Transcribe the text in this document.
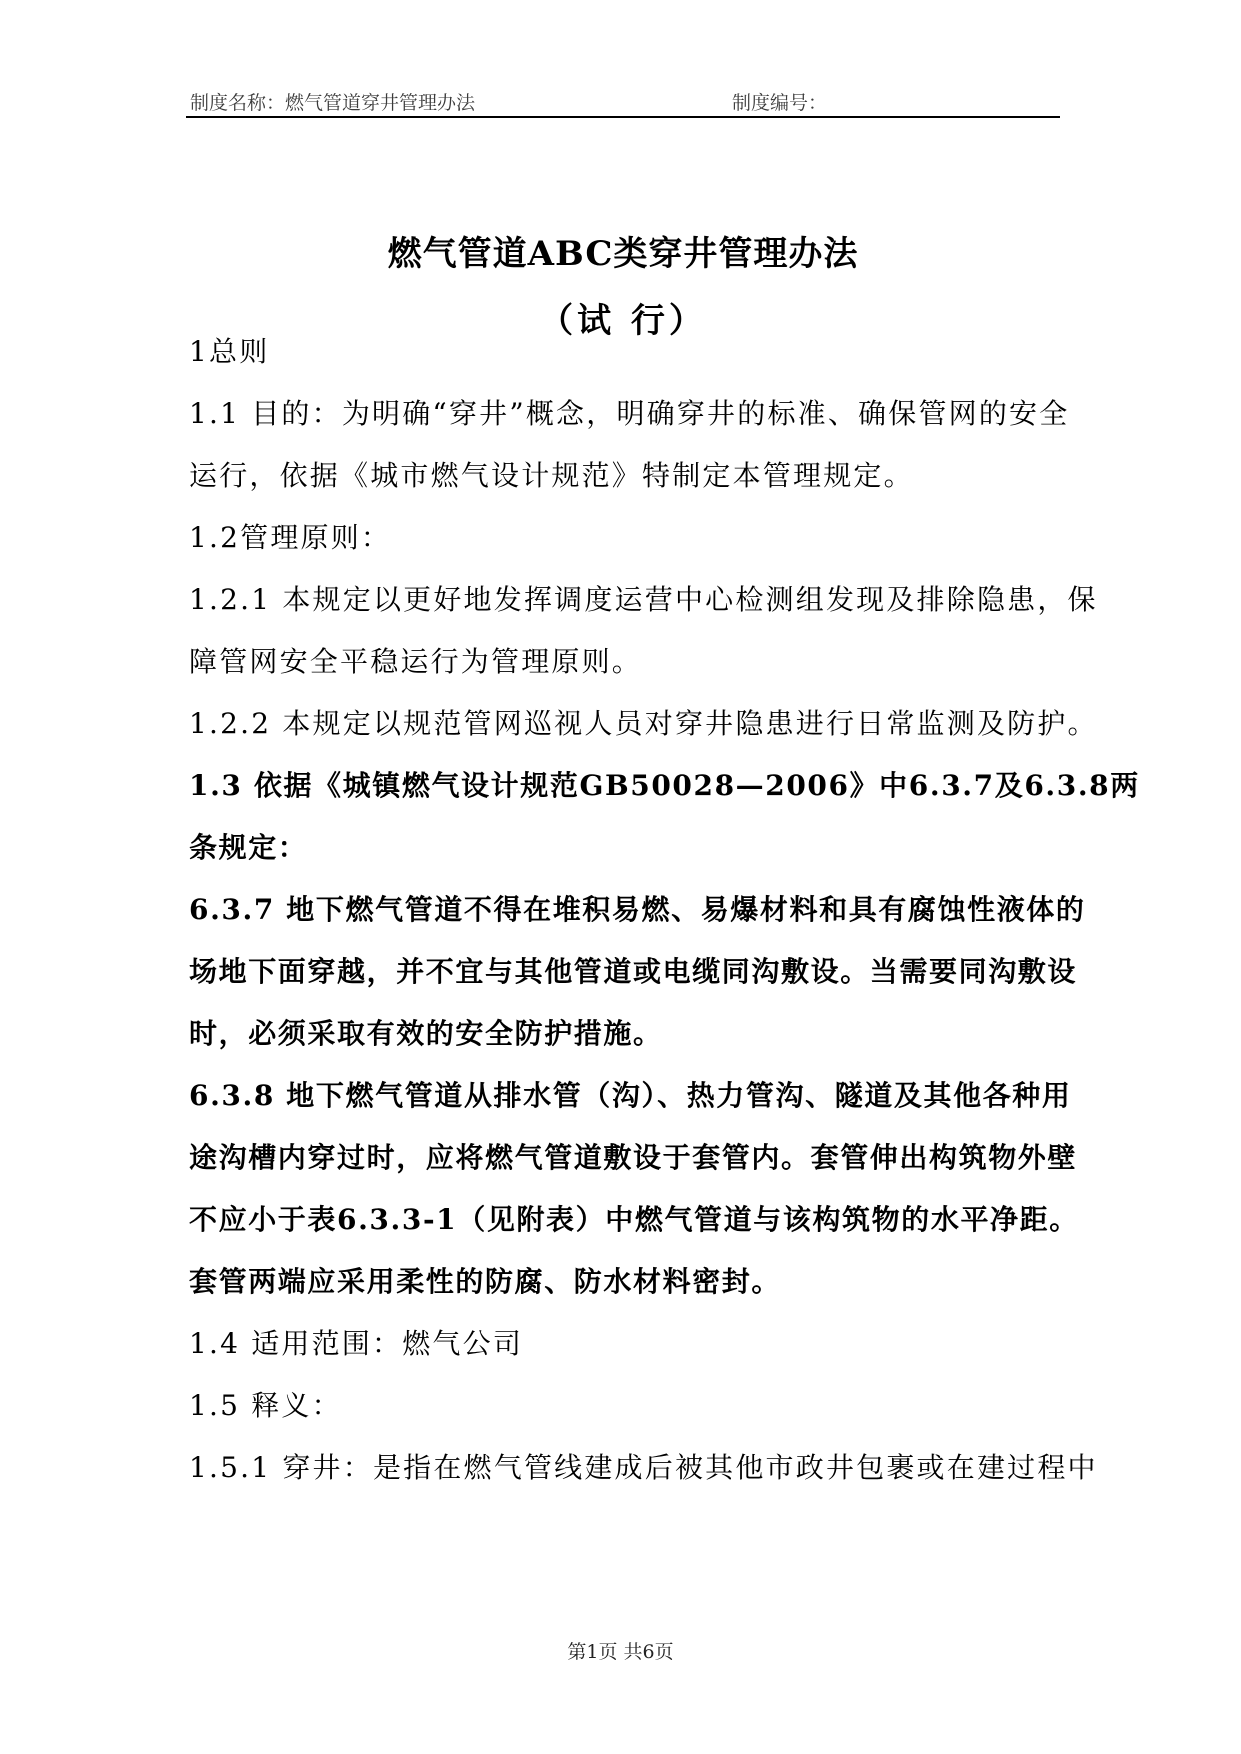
制度名称：燃气管道穿井管理办法	制度编号：
燃气管道ABC类穿井管理办法
（试 行）
1总则
1.1 目的：为明确“穿井”概念，明确穿井的标准、确保管网的安全
运行，依据《城市燃气设计规范》特制定本管理规定。
1.2管理原则：
1.2.1 本规定以更好地发挥调度运营中心检测组发现及排除隐患，保
障管网安全平稳运行为管理原则。
1.2.2 本规定以规范管网巡视人员对穿井隐患进行日常监测及防护。
1.3 依据《城镇燃气设计规范GB50028—2006》中6.3.7及6.3.8两
条规定：
6.3.7 地下燃气管道不得在堆积易燃、易爆材料和具有腐蚀性液体的
场地下面穿越，并不宜与其他管道或电缆同沟敷设。当需要同沟敷设
时，必须采取有效的安全防护措施。
6.3.8 地下燃气管道从排水管（沟）、热力管沟、隧道及其他各种用
途沟槽内穿过时，应将燃气管道敷设于套管内。套管伸出构筑物外壁
不应小于表6.3.3-1（见附表）中燃气管道与该构筑物的水平净距。
套管两端应采用柔性的防腐、防水材料密封。
1.4 适用范围：燃气公司
1.5 释义：
1.5.1 穿井：是指在燃气管线建成后被其他市政井包裹或在建过程中
第1页 共6页
